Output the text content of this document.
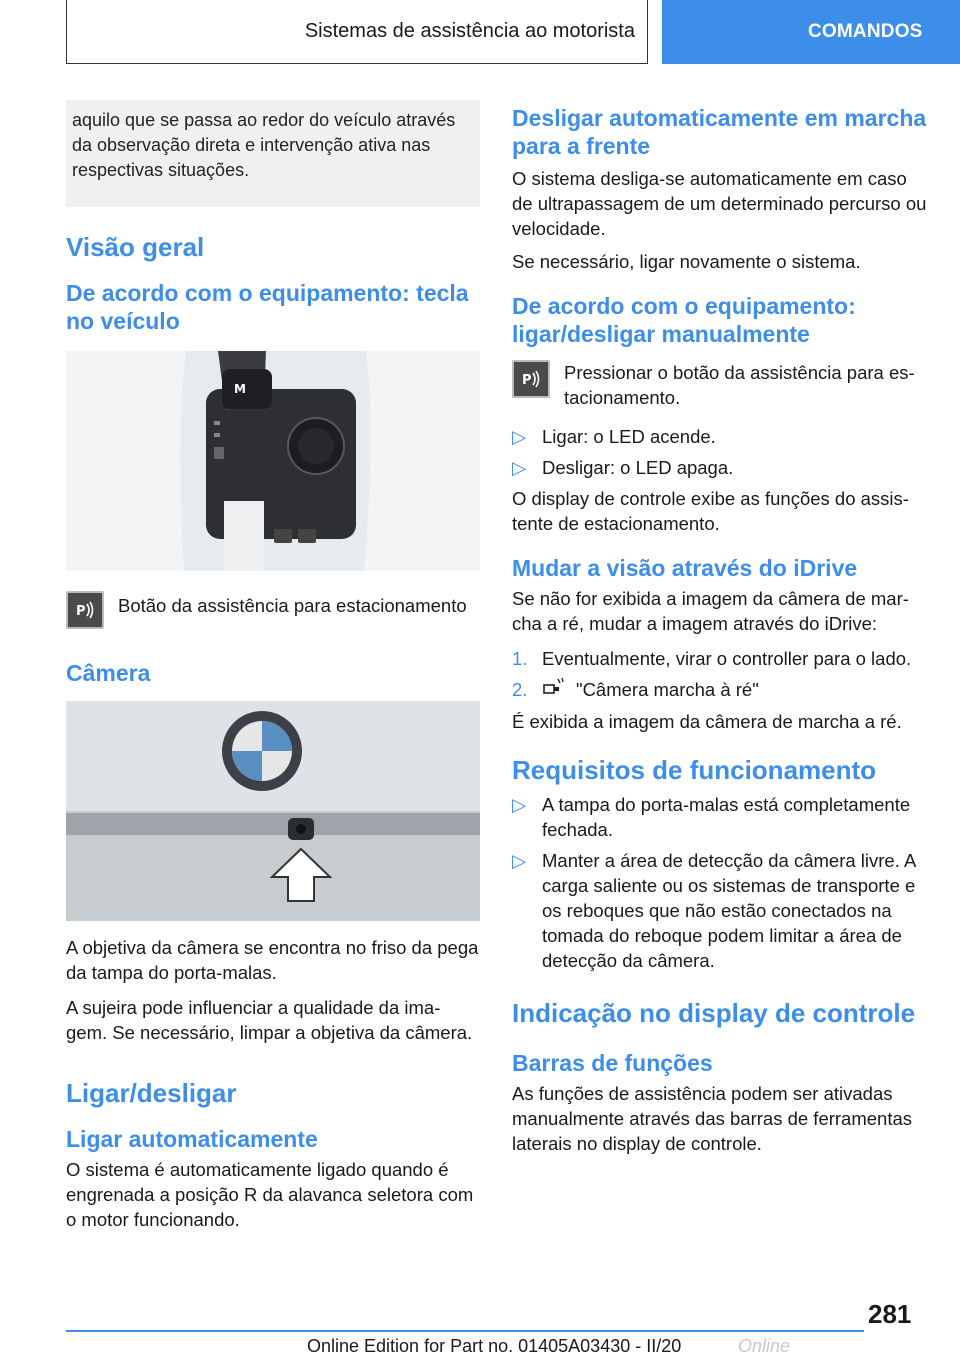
Sistemas de assistência ao motorista	COMANDOS
aquilo que se passa ao redor do veículo através da observação direta e intervenção ativa nas respectivas situações.
Visão geral
De acordo com o equipamento: tecla no veículo
M
P Botão da assistência para estacionamento
Câmera
A objetiva da câmera se encontra no friso da pega da tampa do porta-malas.
A sujeira pode influenciar a qualidade da ima‐gem. Se necessário, limpar a objetiva da câmera.
Ligar/desligar
Ligar automaticamente
O sistema é automaticamente ligado quando é engrenada a posição R da alavanca seletora com o motor funcionando.
Desligar automaticamente em marcha para a frente
O sistema desliga-se automaticamente em caso de ultrapassagem de um determinado percurso ou velocidade.
Se necessário, ligar novamente o sistema.
De acordo com o equipamento: ligar/desligar manualmente
P Pressionar o botão da assistência para es‐tacionamento.
▷ Ligar: o LED acende.
▷ Desligar: o LED apaga.
O display de controle exibe as funções do assis‐tente de estacionamento.
Mudar a visão através do iDrive
Se não for exibida a imagem da câmera de mar‐cha a ré, mudar a imagem através do iDrive:
1. Eventualmente, virar o controller para o lado.
2.	"Câmera marcha à ré"
É exibida a imagem da câmera de marcha a ré.
Requisitos de funcionamento
▷ A tampa do porta-malas está completamente fechada.
▷ Manter a área de detecção da câmera livre. A carga saliente ou os sistemas de transporte e os reboques que não estão conectados na tomada do reboque podem limitar a área de detecção da câmera.
Indicação no display de controle
Barras de funções
As funções de assistência podem ser ativadas manualmente através das barras de ferramentas laterais no display de controle.
281
Online Edition for Part no. 01405A03430 - II/20	Online
